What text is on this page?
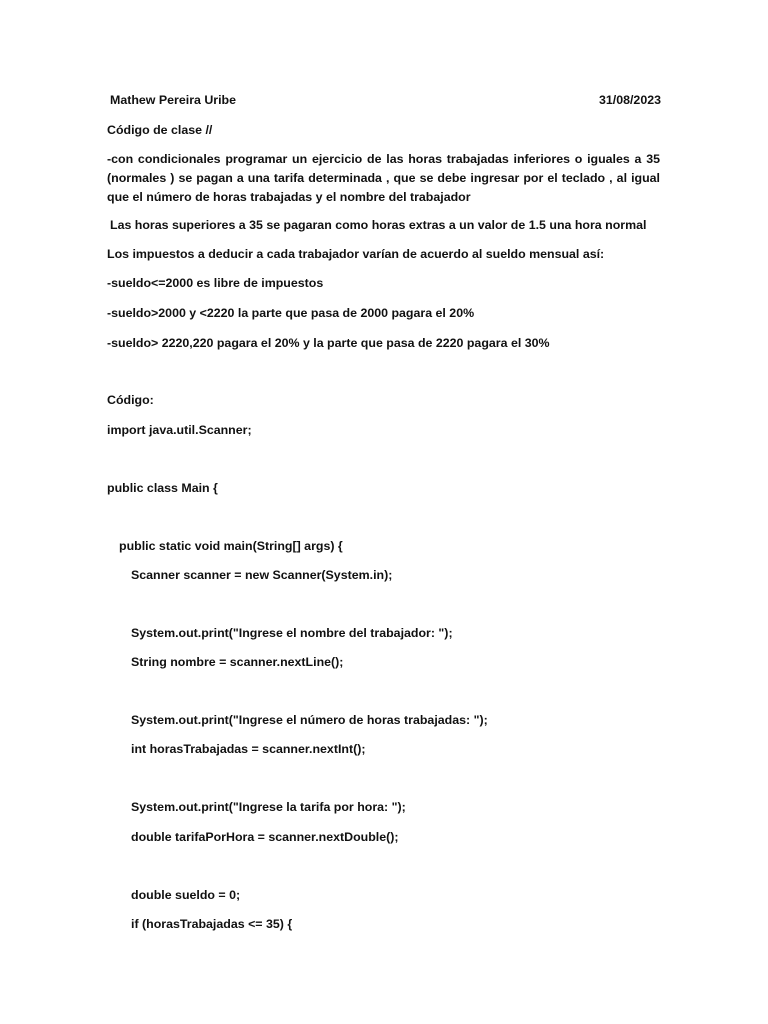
Mathew Pereira Uribe	31/08/2023
Código de clase //
-con condicionales programar un ejercicio de las horas trabajadas inferiores o iguales a 35 (normales ) se pagan a una tarifa determinada , que se debe ingresar por el teclado , al igual que el número de horas trabajadas y el nombre del trabajador
Las horas superiores a 35 se pagaran como horas extras a un valor de 1.5 una hora normal
Los impuestos a deducir a cada trabajador varían de acuerdo al sueldo mensual así:
-sueldo<=2000 es libre de impuestos
-sueldo>2000 y <2220 la parte que pasa de 2000 pagara el 20%
-sueldo> 2220,220 pagara el 20% y la parte que pasa de 2220 pagara el 30%
Código:
import java.util.Scanner;
public class Main {
public static void main(String[] args) {
Scanner scanner = new Scanner(System.in);
System.out.print("Ingrese el nombre del trabajador: ");
String nombre = scanner.nextLine();
System.out.print("Ingrese el número de horas trabajadas: ");
int horasTrabajadas = scanner.nextInt();
System.out.print("Ingrese la tarifa por hora: ");
double tarifaPorHora = scanner.nextDouble();
double sueldo = 0;
if (horasTrabajadas <= 35) {
